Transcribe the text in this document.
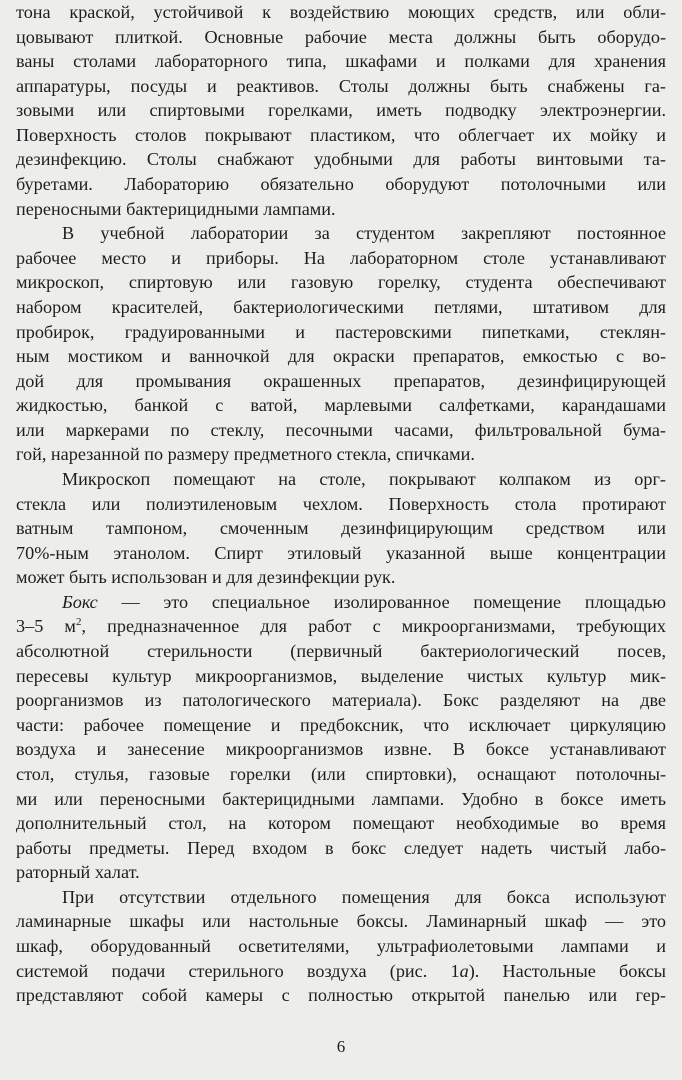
тона краской, устойчивой к воздействию моющих средств, или обли-
цовывают плиткой. Основные рабочие места должны быть оборудо-
ваны столами лабораторного типа, шкафами и полками для хранения
аппаратуры, посуды и реактивов. Столы должны быть снабжены га-
зовыми или спиртовыми горелками, иметь подводку электроэнергии.
Поверхность столов покрывают пластиком, что облегчает их мойку и
дезинфекцию. Столы снабжают удобными для работы винтовыми та-
буретами. Лабораторию обязательно оборудуют потолочными или
переносными бактерицидными лампами.
В учебной лаборатории за студентом закрепляют постоянное
рабочее место и приборы. На лабораторном столе устанавливают
микроскоп, спиртовую или газовую горелку, студента обеспечивают
набором красителей, бактериологическими петлями, штативом для
пробирок, градуированными и пастеровскими пипетками, стеклян-
ным мостиком и ванночкой для окраски препаратов, емкостью с во-
дой для промывания окрашенных препаратов, дезинфицирующей
жидкостью, банкой с ватой, марлевыми салфетками, карандашами
или маркерами по стеклу, песочными часами, фильтровальной бума-
гой, нарезанной по размеру предметного стекла, спичками.
Микроскоп помещают на столе, покрывают колпаком из орг-
стекла или полиэтиленовым чехлом. Поверхность стола протирают
ватным тампоном, смоченным дезинфицирующим средством или
70%-ным этанолом. Спирт этиловый указанной выше концентрации
может быть использован и для дезинфекции рук.
Бокс — это специальное изолированное помещение площадью
3–5 $м^2$, предназначенное для работ с микроорганизмами, требующих
абсолютной стерильности (первичный бактериологический посев,
пересевы культур микроорганизмов, выделение чистых культур мик-
роорганизмов из патологического материала). Бокс разделяют на две
части: рабочее помещение и предбоксник, что исключает циркуляцию
воздуха и занесение микроорганизмов извне. В боксе устанавливают
стол, стулья, газовые горелки (или спиртовки), оснащают потолочны-
ми или переносными бактерицидными лампами. Удобно в боксе иметь
дополнительный стол, на котором помещают необходимые во время
работы предметы. Перед входом в бокс следует надеть чистый лабо-
раторный халат.
При отсутствии отдельного помещения для бокса используют
ламинарные шкафы или настольные боксы. Ламинарный шкаф — это
шкаф, оборудованный осветителями, ультрафиолетовыми лампами и
системой подачи стерильного воздуха (рис. 1а). Настольные боксы
представляют собой камеры с полностью открытой панелью или гер-
6
